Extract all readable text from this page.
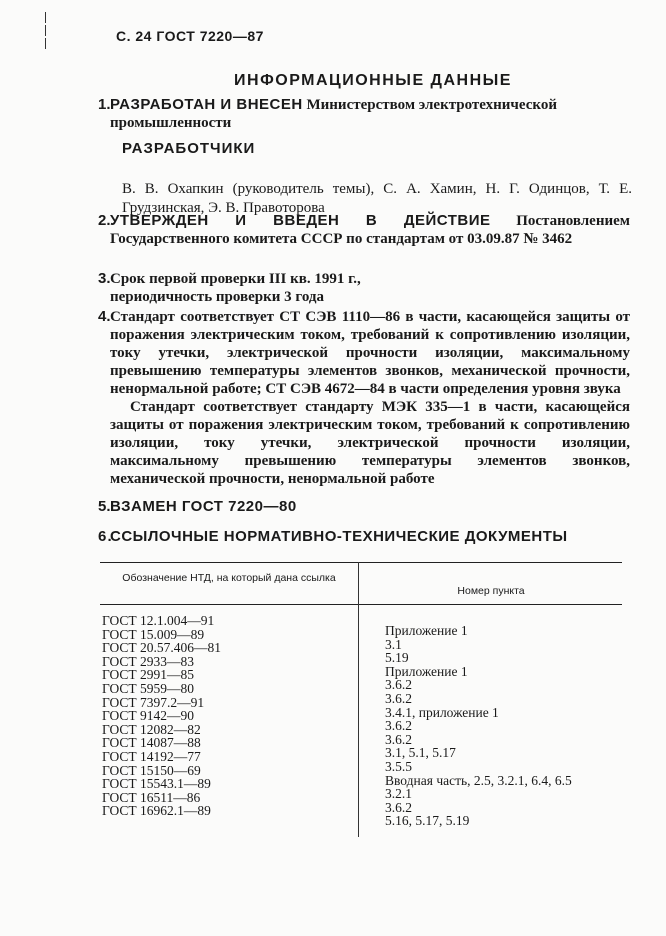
С. 24 ГОСТ 7220—87
ИНФОРМАЦИОННЫЕ ДАННЫЕ
1. РАЗРАБОТАН И ВНЕСЕН Министерством электротехнической промышленности
РАЗРАБОТЧИКИ
В. В. Охапкин (руководитель темы), С. А. Хамин, Н. Г. Одинцов, Т. Е. Грудзинская, Э. В. Правоторова
2. УТВЕРЖДЕН И ВВЕДЕН В ДЕЙСТВИЕ Постановлением Государственного комитета СССР по стандартам от 03.09.87 № 3462
3. Срок первой проверки III кв. 1991 г., периодичность проверки 3 года
4. Стандарт соответствует СТ СЭВ 1110—86 в части, касающейся защиты от поражения электрическим током, требований к сопротивлению изоляции, току утечки, электрической прочности изоляции, максимальному превышению температуры элементов звонков, механической прочности, ненормальной работе; СТ СЭВ 4672—84 в части определения уровня звука
Стандарт соответствует стандарту МЭК 335—1 в части, касающейся защиты от поражения электрическим током, требований к сопротивлению изоляции, току утечки, электрической прочности изоляции, максимальному превышению температуры элементов звонков, механической прочности, ненормальной работе
5. ВЗАМЕН ГОСТ 7220—80
6.
ССЫЛОЧНЫЕ НОРМАТИВНО-ТЕХНИЧЕСКИЕ ДОКУМЕНТЫ
Обозначение НТД, на который дана ссылка
Номер пункта
ГОСТ 12.1.004—91
ГОСТ 15.009—89
ГОСТ 20.57.406—81
ГОСТ 2933—83
ГОСТ 2991—85
ГОСТ 5959—80
ГОСТ 7397.2—91
ГОСТ 9142—90
ГОСТ 12082—82
ГОСТ 14087—88
ГОСТ 14192—77
ГОСТ 15150—69
ГОСТ 15543.1—89
ГОСТ 16511—86
ГОСТ 16962.1—89
Приложение 1
3.1
5.19
Приложение 1
3.6.2
3.6.2
3.4.1, приложение 1
3.6.2
3.6.2
3.1, 5.1, 5.17
3.5.5
Вводная часть, 2.5, 3.2.1, 6.4, 6.5
3.2.1
3.6.2
5.16, 5.17, 5.19
